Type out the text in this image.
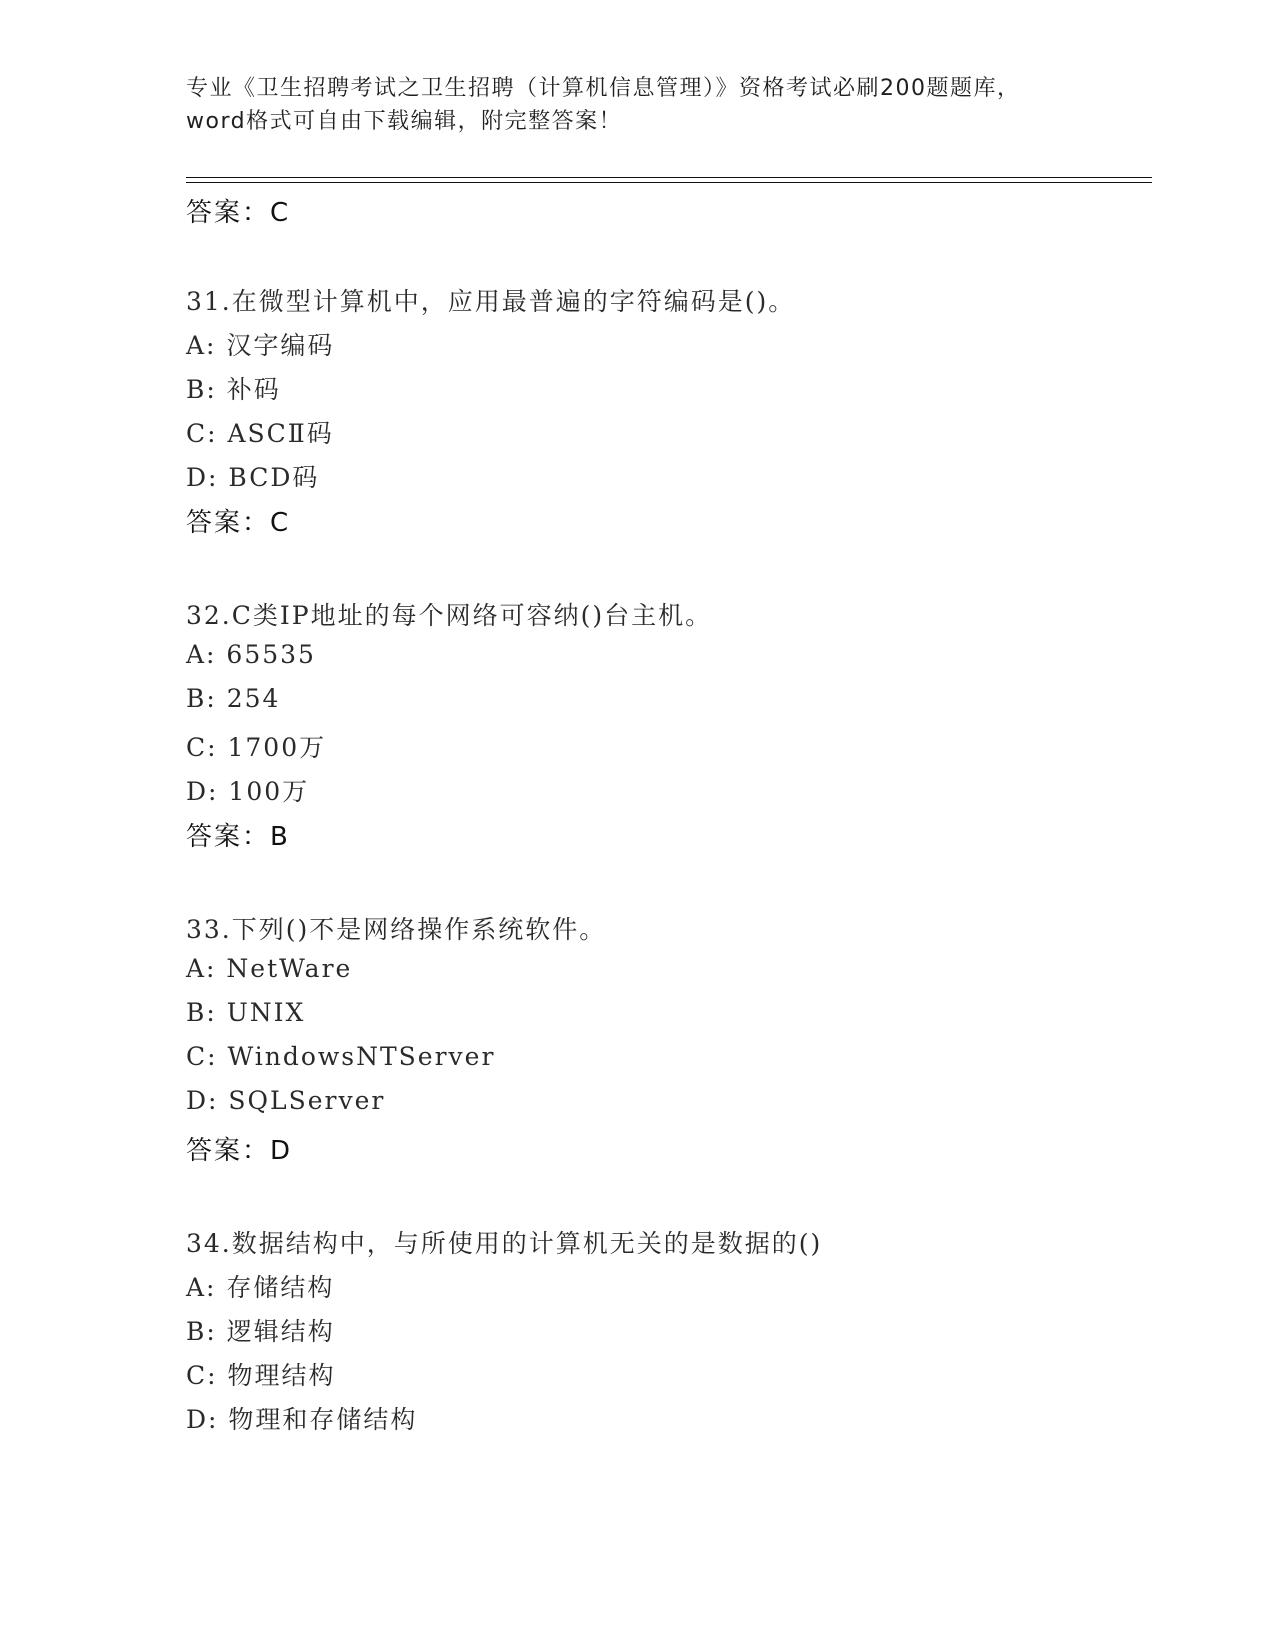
专业《卫生招聘考试之卫生招聘（计算机信息管理）》资格考试必刷200题题库，
word格式可自由下载编辑，附完整答案！
答案：C
31.在微型计算机中，应用最普遍的字符编码是()。
A: 汉字编码
B: 补码
C: ASCⅡ码
D: BCD码
答案：C
32.C类IP地址的每个网络可容纳()台主机。
A: 65535
B: 254
C: 1700万
D: 100万
答案：B
33.下列()不是网络操作系统软件。
A: NetWare
B: UNIX
C: WindowsNTServer
D: SQLServer
答案：D
34.数据结构中，与所使用的计算机无关的是数据的()
A: 存储结构
B: 逻辑结构
C: 物理结构
D: 物理和存储结构
